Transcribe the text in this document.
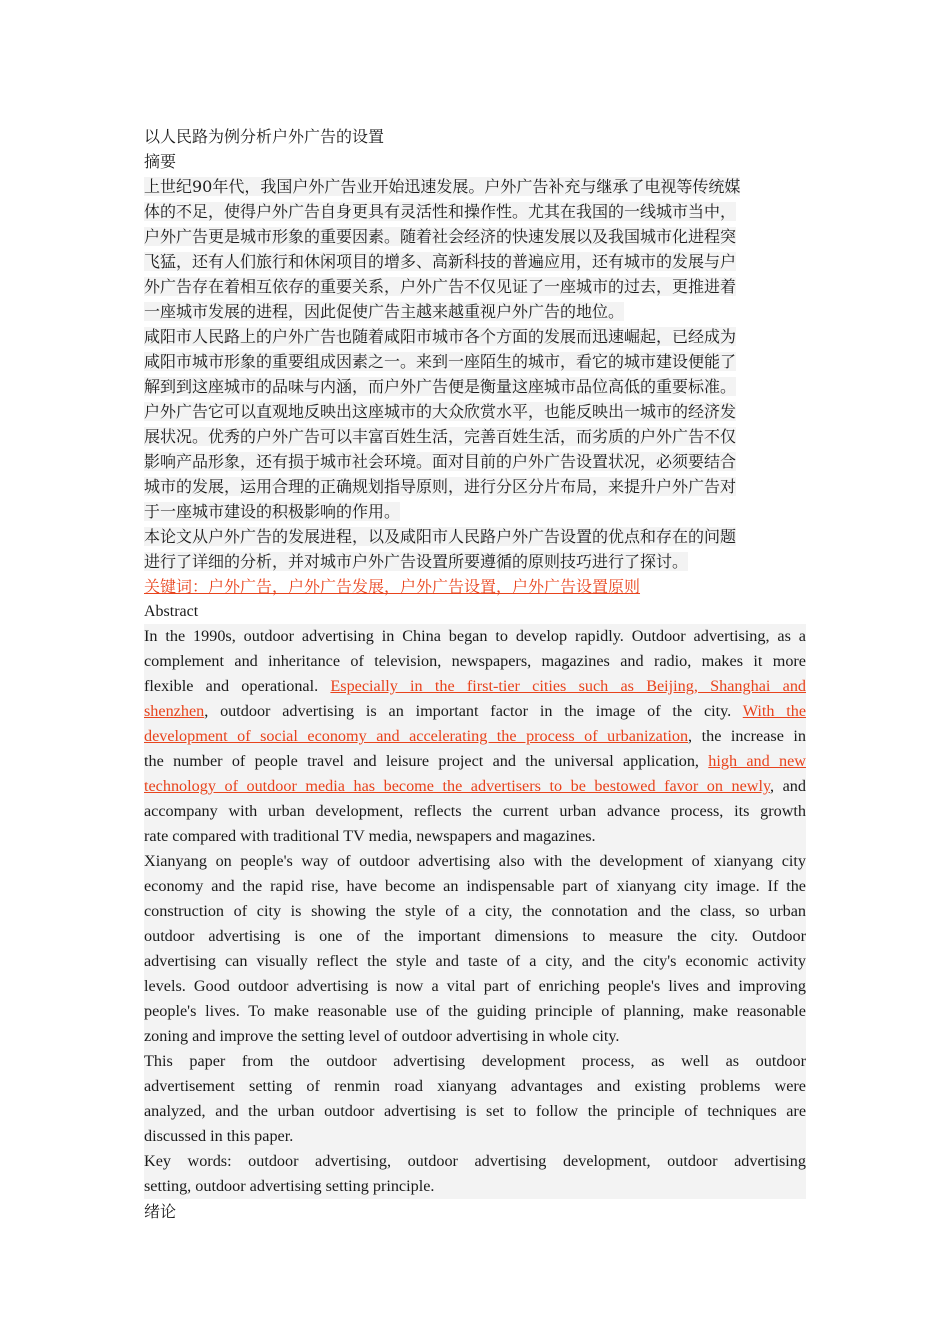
以人民路为例分析户外广告的设置
摘要
上世纪90年代，我国户外广告业开始迅速发展。户外广告补充与继承了电视等传统媒
体的不足，使得户外广告自身更具有灵活性和操作性。尤其在我国的一线城市当中，
户外广告更是城市形象的重要因素。随着社会经济的快速发展以及我国城市化进程突
飞猛，还有人们旅行和休闲项目的增多、高新科技的普遍应用，还有城市的发展与户
外广告存在着相互依存的重要关系，户外广告不仅见证了一座城市的过去，更推进着
一座城市发展的进程，因此促使广告主越来越重视户外广告的地位。
咸阳市人民路上的户外广告也随着咸阳市城市各个方面的发展而迅速崛起，已经成为
咸阳市城市形象的重要组成因素之一。来到一座陌生的城市，看它的城市建设便能了
解到到这座城市的品味与内涵，而户外广告便是衡量这座城市品位高低的重要标准。
户外广告它可以直观地反映出这座城市的大众欣赏水平，也能反映出一城市的经济发
展状况。优秀的户外广告可以丰富百姓生活，完善百姓生活，而劣质的户外广告不仅
影响产品形象，还有损于城市社会环境。面对目前的户外广告设置状况，必须要结合
城市的发展，运用合理的正确规划指导原则，进行分区分片布局，来提升户外广告对
于一座城市建设的积极影响的作用。
本论文从户外广告的发展进程，以及咸阳市人民路户外广告设置的优点和存在的问题
进行了详细的分析，并对城市户外广告设置所要遵循的原则技巧进行了探讨。
关键词：户外广告，户外广告发展，户外广告设置，户外广告设置原则
Abstract
In the 1990s, outdoor advertising in China began to develop rapidly. Outdoor advertising, as a
complement and inheritance of television, newspapers, magazines and radio, makes it more
flexible and operational. Especially in the first-tier cities such as Beijing, Shanghai and
shenzhen, outdoor advertising is an important factor in the image of the city. With the
development of social economy and accelerating the process of urbanization, the increase in
the number of people travel and leisure project and the universal application, high and new
technology of outdoor media has become the advertisers to be bestowed favor on newly, and
accompany with urban development, reflects the current urban advance process, its growth
rate compared with traditional TV media, newspapers and magazines.
Xianyang on people's way of outdoor advertising also with the development of xianyang city
economy and the rapid rise, have become an indispensable part of xianyang city image. If the
construction of city is showing the style of a city, the connotation and the class, so urban
outdoor advertising is one of the important dimensions to measure the city. Outdoor
advertising can visually reflect the style and taste of a city, and the city's economic activity
levels. Good outdoor advertising is now a vital part of enriching people's lives and improving
people's lives. To make reasonable use of the guiding principle of planning, make reasonable
zoning and improve the setting level of outdoor advertising in whole city.
This paper from the outdoor advertising development process, as well as outdoor
advertisement setting of renmin road xianyang advantages and existing problems were
analyzed, and the urban outdoor advertising is set to follow the principle of techniques are
discussed in this paper.
Key words: outdoor advertising, outdoor advertising development, outdoor advertising
setting, outdoor advertising setting principle.
绪论
